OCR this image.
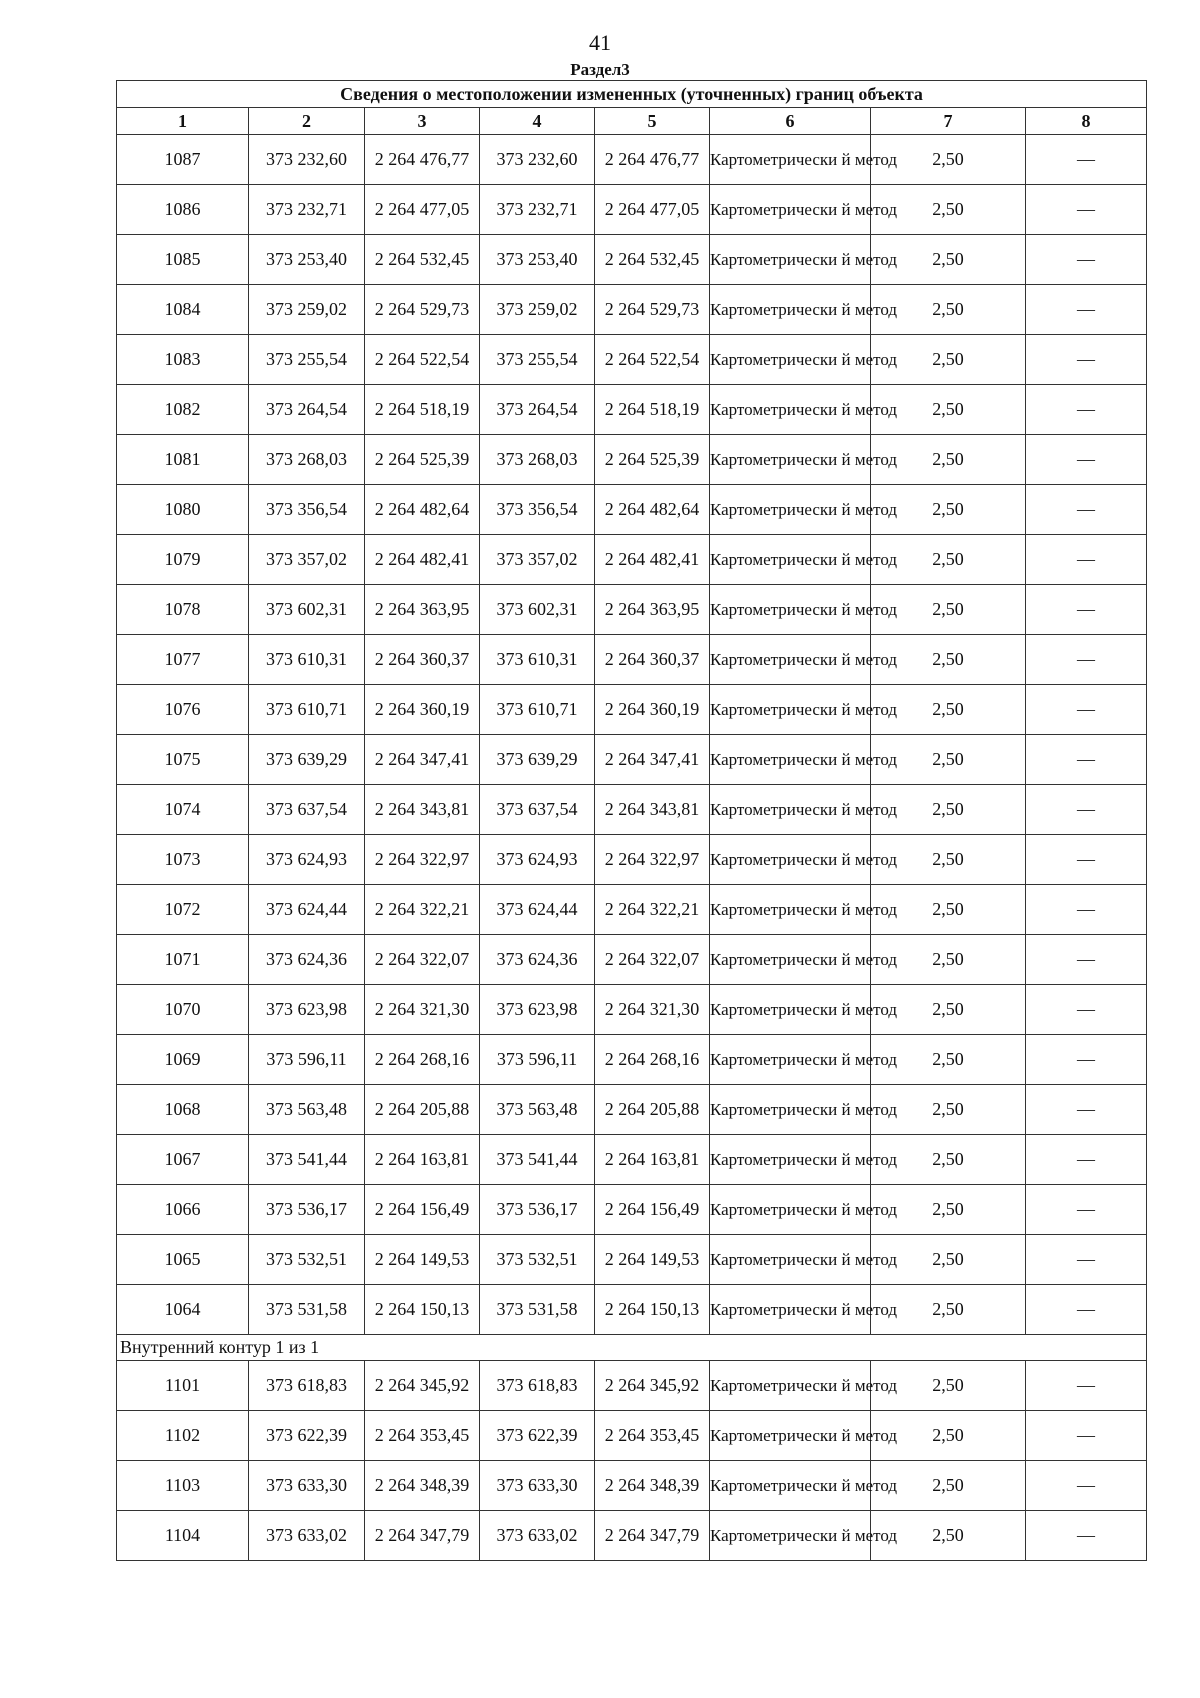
41
Раздел3
Сведения о местоположении измененных (уточненных) границ объекта							
1	2	3	4	5	6	7	8
1087	373 232,60	2 264 476,77	373 232,60	2 264 476,77	Картометрически й метод	2,50	—
1086	373 232,71	2 264 477,05	373 232,71	2 264 477,05	Картометрически й метод	2,50	—
1085	373 253,40	2 264 532,45	373 253,40	2 264 532,45	Картометрически й метод	2,50	—
1084	373 259,02	2 264 529,73	373 259,02	2 264 529,73	Картометрически й метод	2,50	—
1083	373 255,54	2 264 522,54	373 255,54	2 264 522,54	Картометрически й метод	2,50	—
1082	373 264,54	2 264 518,19	373 264,54	2 264 518,19	Картометрически й метод	2,50	—
1081	373 268,03	2 264 525,39	373 268,03	2 264 525,39	Картометрически й метод	2,50	—
1080	373 356,54	2 264 482,64	373 356,54	2 264 482,64	Картометрически й метод	2,50	—
1079	373 357,02	2 264 482,41	373 357,02	2 264 482,41	Картометрически й метод	2,50	—
1078	373 602,31	2 264 363,95	373 602,31	2 264 363,95	Картометрически й метод	2,50	—
1077	373 610,31	2 264 360,37	373 610,31	2 264 360,37	Картометрически й метод	2,50	—
1076	373 610,71	2 264 360,19	373 610,71	2 264 360,19	Картометрически й метод	2,50	—
1075	373 639,29	2 264 347,41	373 639,29	2 264 347,41	Картометрически й метод	2,50	—
1074	373 637,54	2 264 343,81	373 637,54	2 264 343,81	Картометрически й метод	2,50	—
1073	373 624,93	2 264 322,97	373 624,93	2 264 322,97	Картометрически й метод	2,50	—
1072	373 624,44	2 264 322,21	373 624,44	2 264 322,21	Картометрически й метод	2,50	—
1071	373 624,36	2 264 322,07	373 624,36	2 264 322,07	Картометрически й метод	2,50	—
1070	373 623,98	2 264 321,30	373 623,98	2 264 321,30	Картометрически й метод	2,50	—
1069	373 596,11	2 264 268,16	373 596,11	2 264 268,16	Картометрически й метод	2,50	—
1068	373 563,48	2 264 205,88	373 563,48	2 264 205,88	Картометрически й метод	2,50	—
1067	373 541,44	2 264 163,81	373 541,44	2 264 163,81	Картометрически й метод	2,50	—
1066	373 536,17	2 264 156,49	373 536,17	2 264 156,49	Картометрически й метод	2,50	—
1065	373 532,51	2 264 149,53	373 532,51	2 264 149,53	Картометрически й метод	2,50	—
1064	373 531,58	2 264 150,13	373 531,58	2 264 150,13	Картометрически й метод	2,50	—
Внутренний контур 1 из 1							
1101	373 618,83	2 264 345,92	373 618,83	2 264 345,92	Картометрически й метод	2,50	—
1102	373 622,39	2 264 353,45	373 622,39	2 264 353,45	Картометрически й метод	2,50	—
1103	373 633,30	2 264 348,39	373 633,30	2 264 348,39	Картометрически й метод	2,50	—
1104	373 633,02	2 264 347,79	373 633,02	2 264 347,79	Картометрически й метод	2,50	—
